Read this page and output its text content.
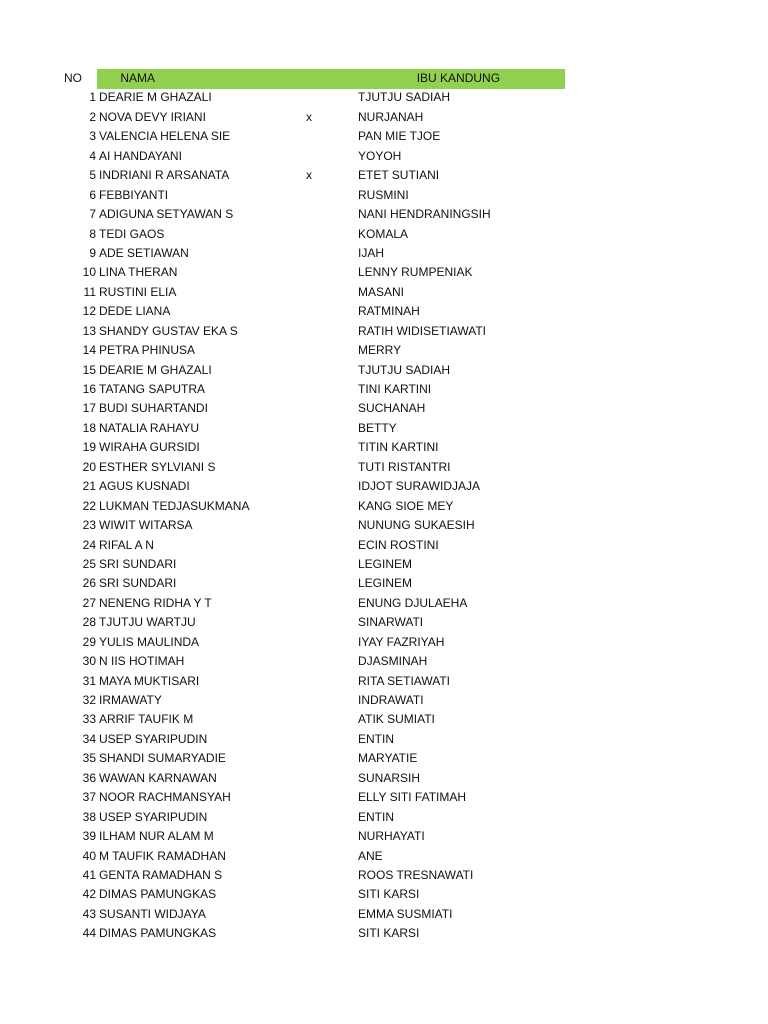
NO	NAMA	IBU KANDUNG
1 DEARIE M GHAZALI	TJUTJU SADIAH
2 NOVA DEVY IRIANI	x	NURJANAH
3 VALENCIA HELENA SIE	PAN MIE TJOE
4 AI HANDAYANI	YOYOH
5 INDRIANI R ARSANATA	x	ETET SUTIANI
6 FEBBIYANTI	RUSMINI
7 ADIGUNA SETYAWAN S	NANI HENDRANINGSIH
8 TEDI GAOS	KOMALA
9 ADE SETIAWAN	IJAH
10 LINA THERAN	LENNY RUMPENIAK
11 RUSTINI ELIA	MASANI
12 DEDE LIANA	RATMINAH
13 SHANDY GUSTAV EKA S	RATIH WIDISETIAWATI
14 PETRA PHINUSA	MERRY
15 DEARIE M GHAZALI	TJUTJU SADIAH
16 TATANG SAPUTRA	TINI KARTINI
17 BUDI SUHARTANDI	SUCHANAH
18 NATALIA RAHAYU	BETTY
19 WIRAHA GURSIDI	TITIN KARTINI
20 ESTHER SYLVIANI S	TUTI RISTANTRI
21 AGUS KUSNADI	IDJOT SURAWIDJAJA
22 LUKMAN TEDJASUKMANA	KANG SIOE MEY
23 WIWIT WITARSA	NUNUNG SUKAESIH
24 RIFAL A N	ECIN ROSTINI
25 SRI SUNDARI	LEGINEM
26 SRI SUNDARI	LEGINEM
27 NENENG RIDHA Y T	ENUNG DJULAEHA
28 TJUTJU WARTJU	SINARWATI
29 YULIS MAULINDA	IYAY FAZRIYAH
30 N IIS HOTIMAH	DJASMINAH
31 MAYA MUKTISARI	RITA SETIAWATI
32 IRMAWATY	INDRAWATI
33 ARRIF TAUFIK M	ATIK SUMIATI
34 USEP SYARIPUDIN	ENTIN
35 SHANDI SUMARYADIE	MARYATIE
36 WAWAN KARNAWAN	SUNARSIH
37 NOOR RACHMANSYAH	ELLY SITI FATIMAH
38 USEP SYARIPUDIN	ENTIN
39 ILHAM NUR ALAM M	NURHAYATI
40 M TAUFIK RAMADHAN	ANE
41 GENTA RAMADHAN S	ROOS TRESNAWATI
42 DIMAS PAMUNGKAS	SITI KARSI
43 SUSANTI WIDJAYA	EMMA SUSMIATI
44 DIMAS PAMUNGKAS	SITI KARSI
